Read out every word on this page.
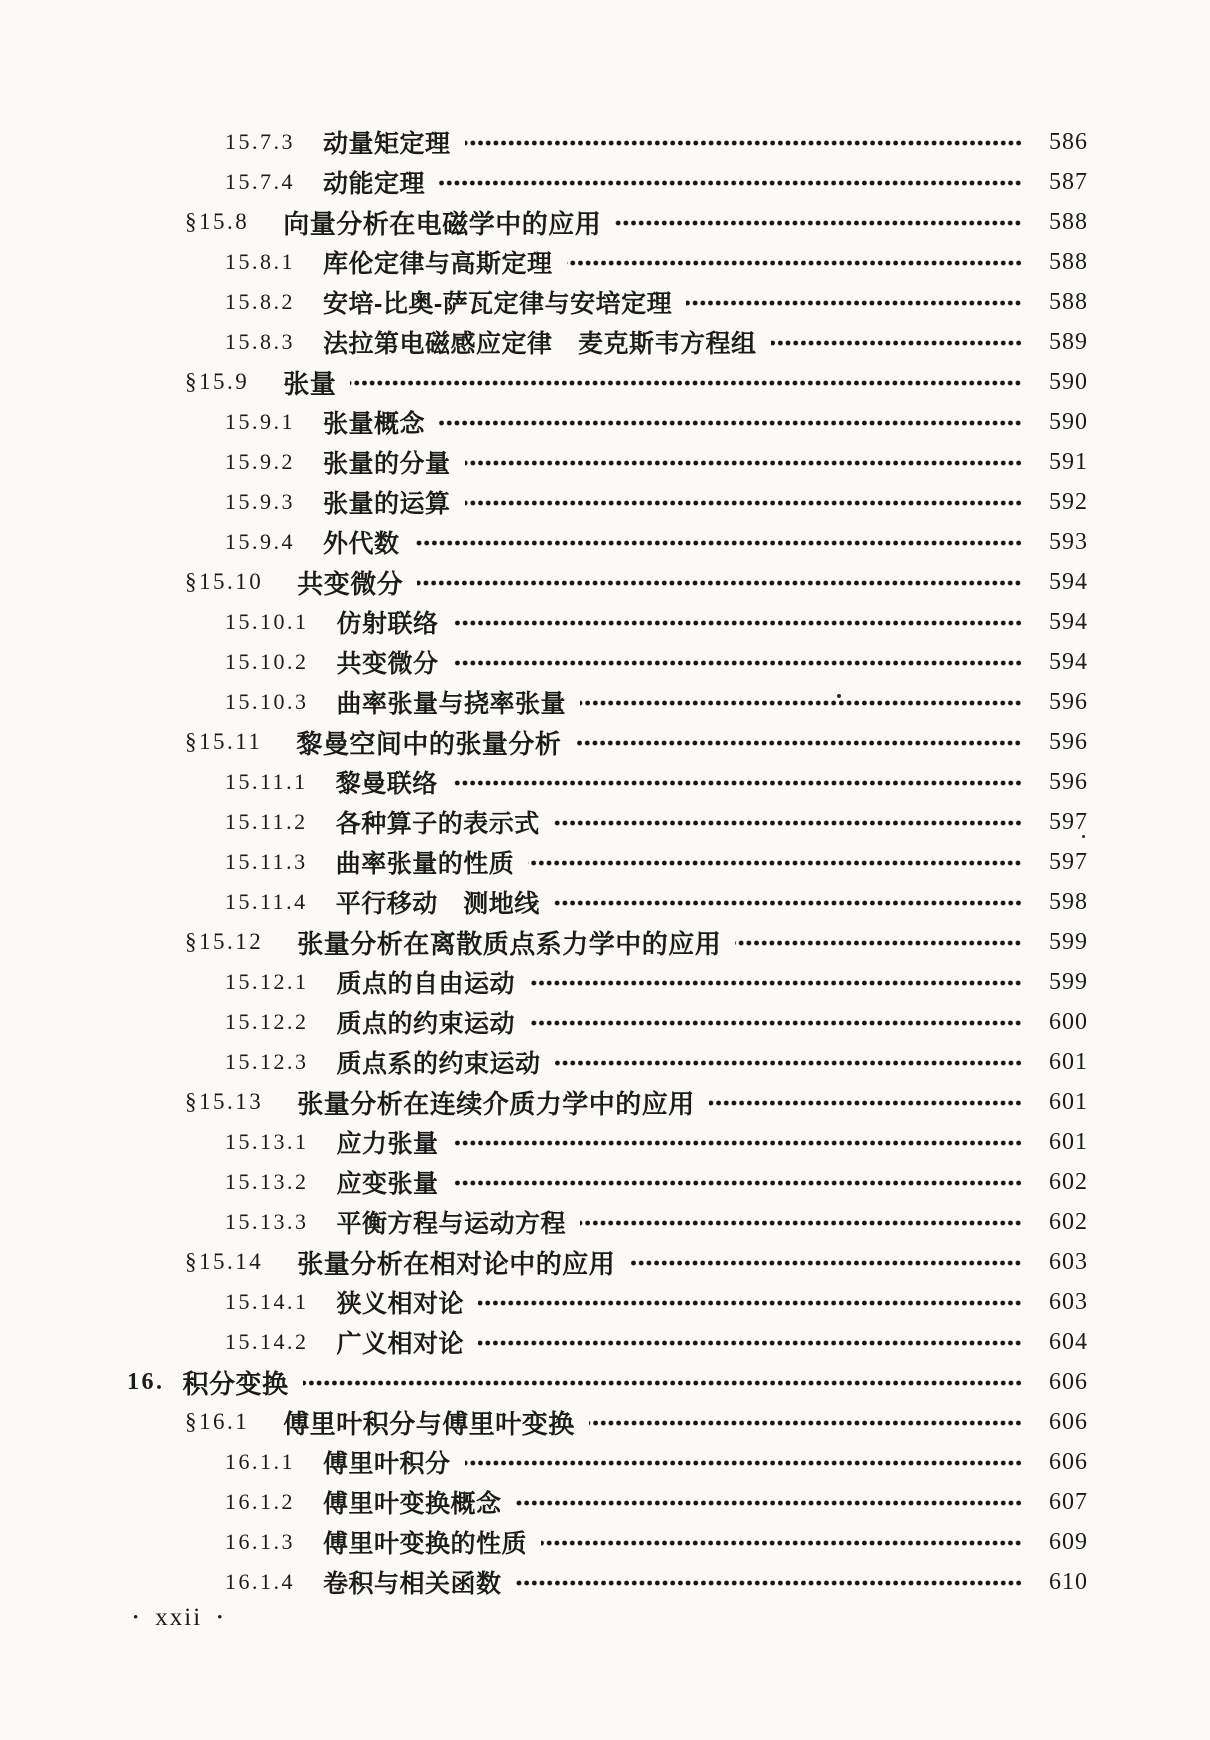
15.7.3 动量矩定理	586
15.7.4 动能定理	587
§15.8 向量分析在电磁学中的应用	588
15.8.1 库伦定律与高斯定理	588
15.8.2 安培-比奥-萨瓦定律与安培定理	588
15.8.3 法拉第电磁感应定律　麦克斯韦方程组	589
§15.9 张量	590
15.9.1 张量概念	590
15.9.2 张量的分量	591
15.9.3 张量的运算	592
15.9.4 外代数	593
§15.10 共变微分	594
15.10.1 仿射联络	594
15.10.2 共变微分	594
15.10.3 曲率张量与挠率张量	596
§15.11 黎曼空间中的张量分析	596
15.11.1 黎曼联络	596
15.11.2 各种算子的表示式	597
15.11.3 曲率张量的性质	597
15.11.4 平行移动　测地线	598
§15.12 张量分析在离散质点系力学中的应用	599
15.12.1 质点的自由运动	599
15.12.2 质点的约束运动	600
15.12.3 质点系的约束运动	601
§15.13 张量分析在连续介质力学中的应用	601
15.13.1 应力张量	601
15.13.2 应变张量	602
15.13.3 平衡方程与运动方程	602
§15.14 张量分析在相对论中的应用	603
15.14.1 狭义相对论	603
15.14.2 广义相对论	604
16. 积分变换	606
§16.1 傅里叶积分与傅里叶变换	606
16.1.1 傅里叶积分	606
16.1.2 傅里叶变换概念	607
16.1.3 傅里叶变换的性质	609
16.1.4 卷积与相关函数	610
• xxii •
